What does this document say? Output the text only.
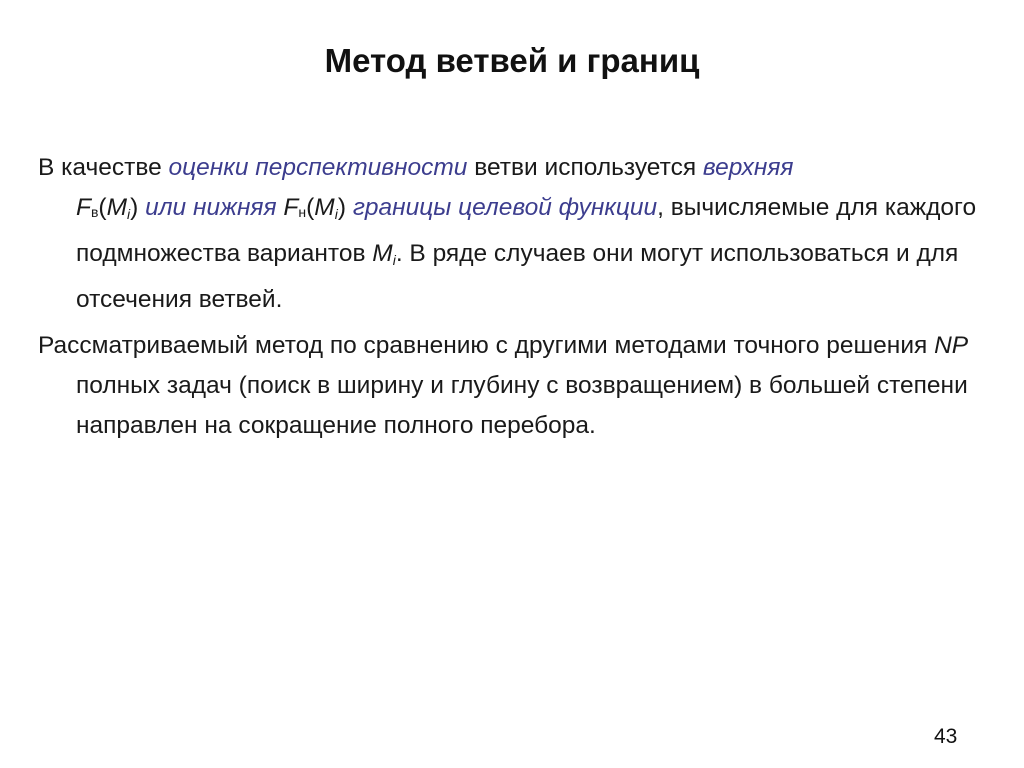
Метод ветвей и границ

В качестве оценки перспективности ветви используется верхняя
Fв(Mi) или нижняя Fн(Mi) границы целевой функции, вычисляемые для каждого подмножества вариантов Mi. В ряде случаев они могут использоваться и для отсечения ветвей.

Рассматриваемый метод по сравнению с другими методами точного решения NP полных задач (поиск в ширину и глубину с возвращением) в большей степени направлен на сокращение полного перебора.

43
